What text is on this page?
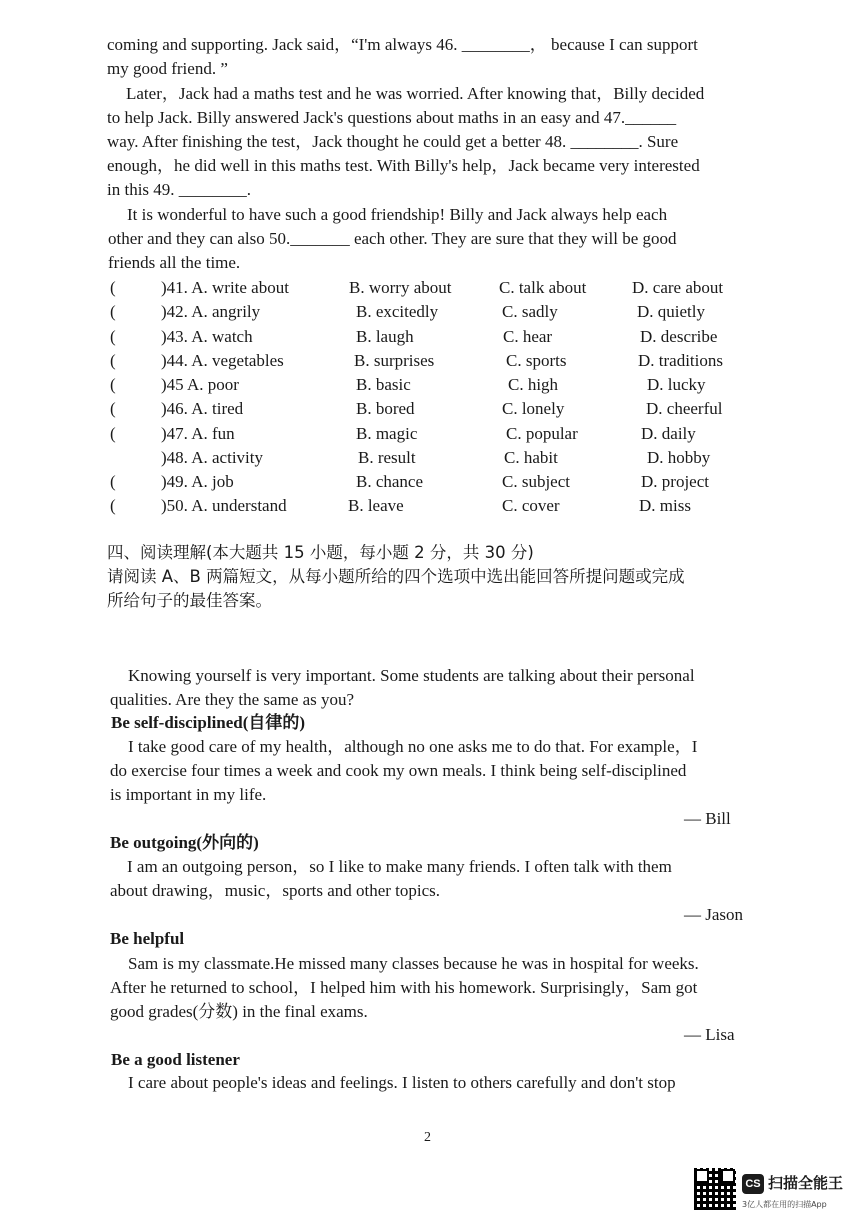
coming and supporting. Jack said，“I'm always 46. ________， because I can support
my good friend. ”
Later，Jack had a maths test and he was worried. After knowing that，Billy decided
to help Jack. Billy answered Jack's questions about maths in an easy and 47.______
way. After finishing the test，Jack thought he could get a better 48. ________. Sure
enough，he did well in this maths test. With Billy's help，Jack became very interested
in this 49. ________.
It is wonderful to have such a good friendship! Billy and Jack always help each
other and they can also 50._______ each other. They are sure that they will be good
friends all the time.
(	)41. A. write about	B. worry about	C. talk about	D. care about
(	)42. A. angrily	B. excitedly	C. sadly	D. quietly
(	)43. A. watch	B. laugh	C. hear	D. describe
(	)44. A. vegetables	B. surprises	C. sports	D. traditions
(	)45 A. poor	B. basic	C. high	D. lucky
(	)46. A. tired	B. bored	C. lonely	D. cheerful
(	)47. A. fun	B. magic	C. popular	D. daily
)48. A. activity	B. result	C. habit	D. hobby
(	)49. A. job	B. chance	C. subject	D. project
(	)50. A. understand	B. leave	C. cover	D. miss
四、阅读理解(本大题共 15 小题，每小题 2 分，共 30 分)
请阅读 A、B 两篇短文，从每小题所给的四个选项中选出能回答所提问题或完成
所给句子的最佳答案。
Knowing yourself is very important. Some students are talking about their personal
qualities. Are they the same as you?
Be self-disciplined(自律的)
I take good care of my health，although no one asks me to do that. For example，I
do exercise four times a week and cook my own meals. I think being self-disciplined
is important in my life.
— Bill
Be outgoing(外向的)
I am an outgoing person，so I like to make many friends. I often talk with them
about drawing，music，sports and other topics.
— Jason
Be helpful
Sam is my classmate.He missed many classes because he was in hospital for weeks.
After he returned to school，I helped him with his homework. Surprisingly，Sam got
good grades(分数) in the final exams.
— Lisa
Be a good listener
I care about people's ideas and feelings. I listen to others carefully and don't stop
2
CS 扫描全能王
3亿人都在用的扫描App
